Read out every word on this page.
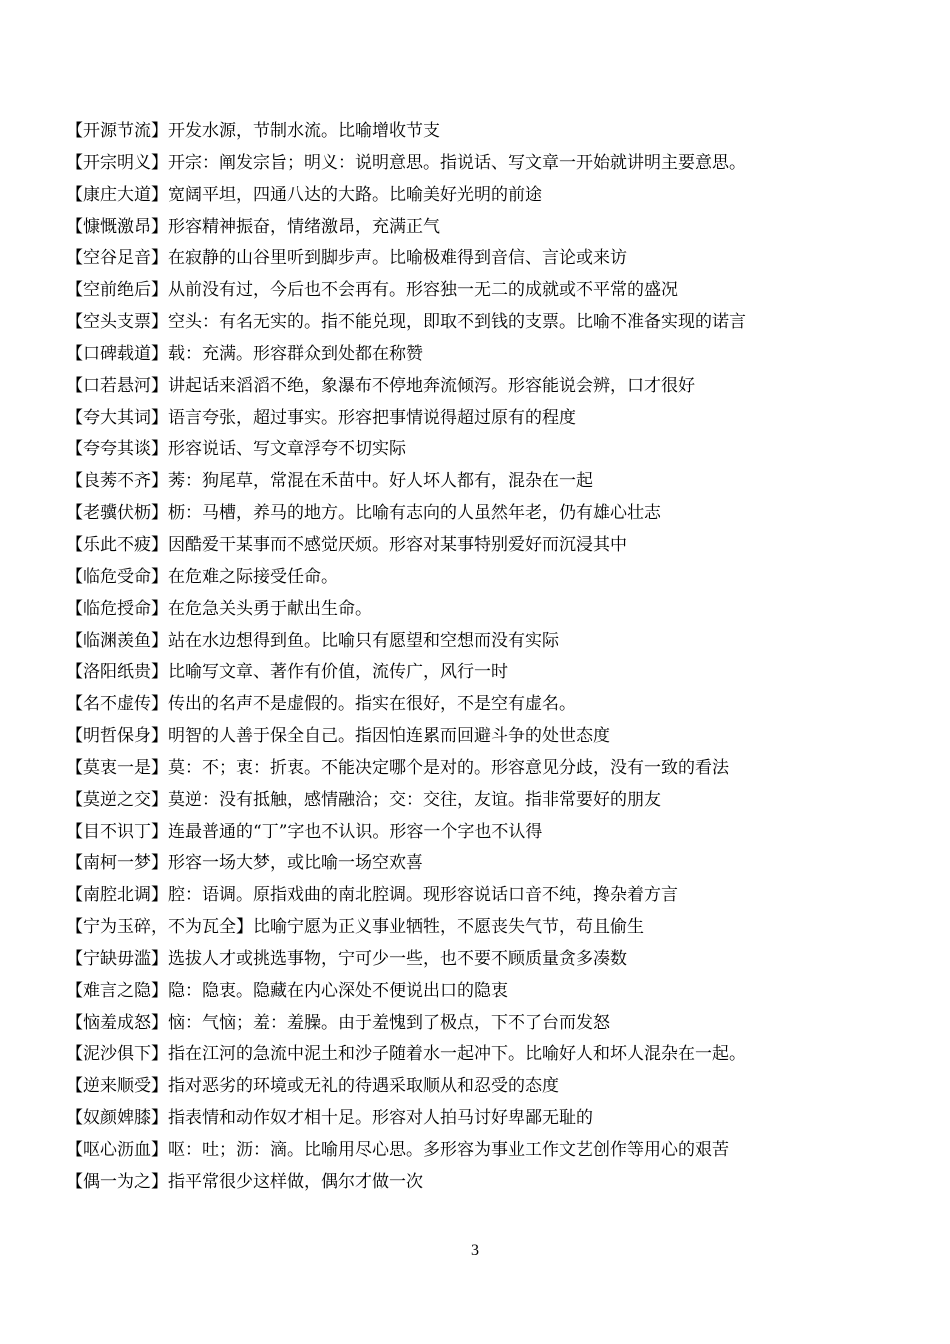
【开源节流】开发水源，节制水流。比喻增收节支
【开宗明义】开宗：阐发宗旨；明义：说明意思。指说话、写文章一开始就讲明主要意思。
【康庄大道】宽阔平坦，四通八达的大路。比喻美好光明的前途
【慷慨激昂】形容精神振奋，情绪激昂，充满正气
【空谷足音】在寂静的山谷里听到脚步声。比喻极难得到音信、言论或来访
【空前绝后】从前没有过，今后也不会再有。形容独一无二的成就或不平常的盛况
【空头支票】空头：有名无实的。指不能兑现，即取不到钱的支票。比喻不准备实现的诺言
【口碑载道】载：充满。形容群众到处都在称赞
【口若悬河】讲起话来滔滔不绝，象瀑布不停地奔流倾泻。形容能说会辨，口才很好
【夸大其词】语言夸张，超过事实。形容把事情说得超过原有的程度
【夸夸其谈】形容说话、写文章浮夸不切实际
【良莠不齐】莠：狗尾草，常混在禾苗中。好人坏人都有，混杂在一起
【老骥伏枥】枥：马槽，养马的地方。比喻有志向的人虽然年老，仍有雄心壮志
【乐此不疲】因酷爱干某事而不感觉厌烦。形容对某事特别爱好而沉浸其中
【临危受命】在危难之际接受任命。
【临危授命】在危急关头勇于献出生命。
【临渊羡鱼】站在水边想得到鱼。比喻只有愿望和空想而没有实际
【洛阳纸贵】比喻写文章、著作有价值，流传广，风行一时
【名不虚传】传出的名声不是虚假的。指实在很好，不是空有虚名。
【明哲保身】明智的人善于保全自己。指因怕连累而回避斗争的处世态度
【莫衷一是】莫：不；衷：折衷。不能决定哪个是对的。形容意见分歧，没有一致的看法
【莫逆之交】莫逆：没有抵触，感情融洽；交：交往，友谊。指非常要好的朋友
【目不识丁】连最普通的“丁”字也不认识。形容一个字也不认得
【南柯一梦】形容一场大梦，或比喻一场空欢喜
【南腔北调】腔：语调。原指戏曲的南北腔调。现形容说话口音不纯，搀杂着方言
【宁为玉碎，不为瓦全】比喻宁愿为正义事业牺牲，不愿丧失气节，苟且偷生
【宁缺毋滥】选拔人才或挑选事物，宁可少一些，也不要不顾质量贪多凑数
【难言之隐】隐：隐衷。隐藏在内心深处不便说出口的隐衷
【恼羞成怒】恼：气恼；羞：羞臊。由于羞愧到了极点，下不了台而发怒
【泥沙俱下】指在江河的急流中泥土和沙子随着水一起冲下。比喻好人和坏人混杂在一起。
【逆来顺受】指对恶劣的环境或无礼的待遇采取顺从和忍受的态度
【奴颜婢膝】指表情和动作奴才相十足。形容对人拍马讨好卑鄙无耻的
【呕心沥血】呕：吐；沥：滴。比喻用尽心思。多形容为事业工作文艺创作等用心的艰苦
【偶一为之】指平常很少这样做，偶尔才做一次
3
